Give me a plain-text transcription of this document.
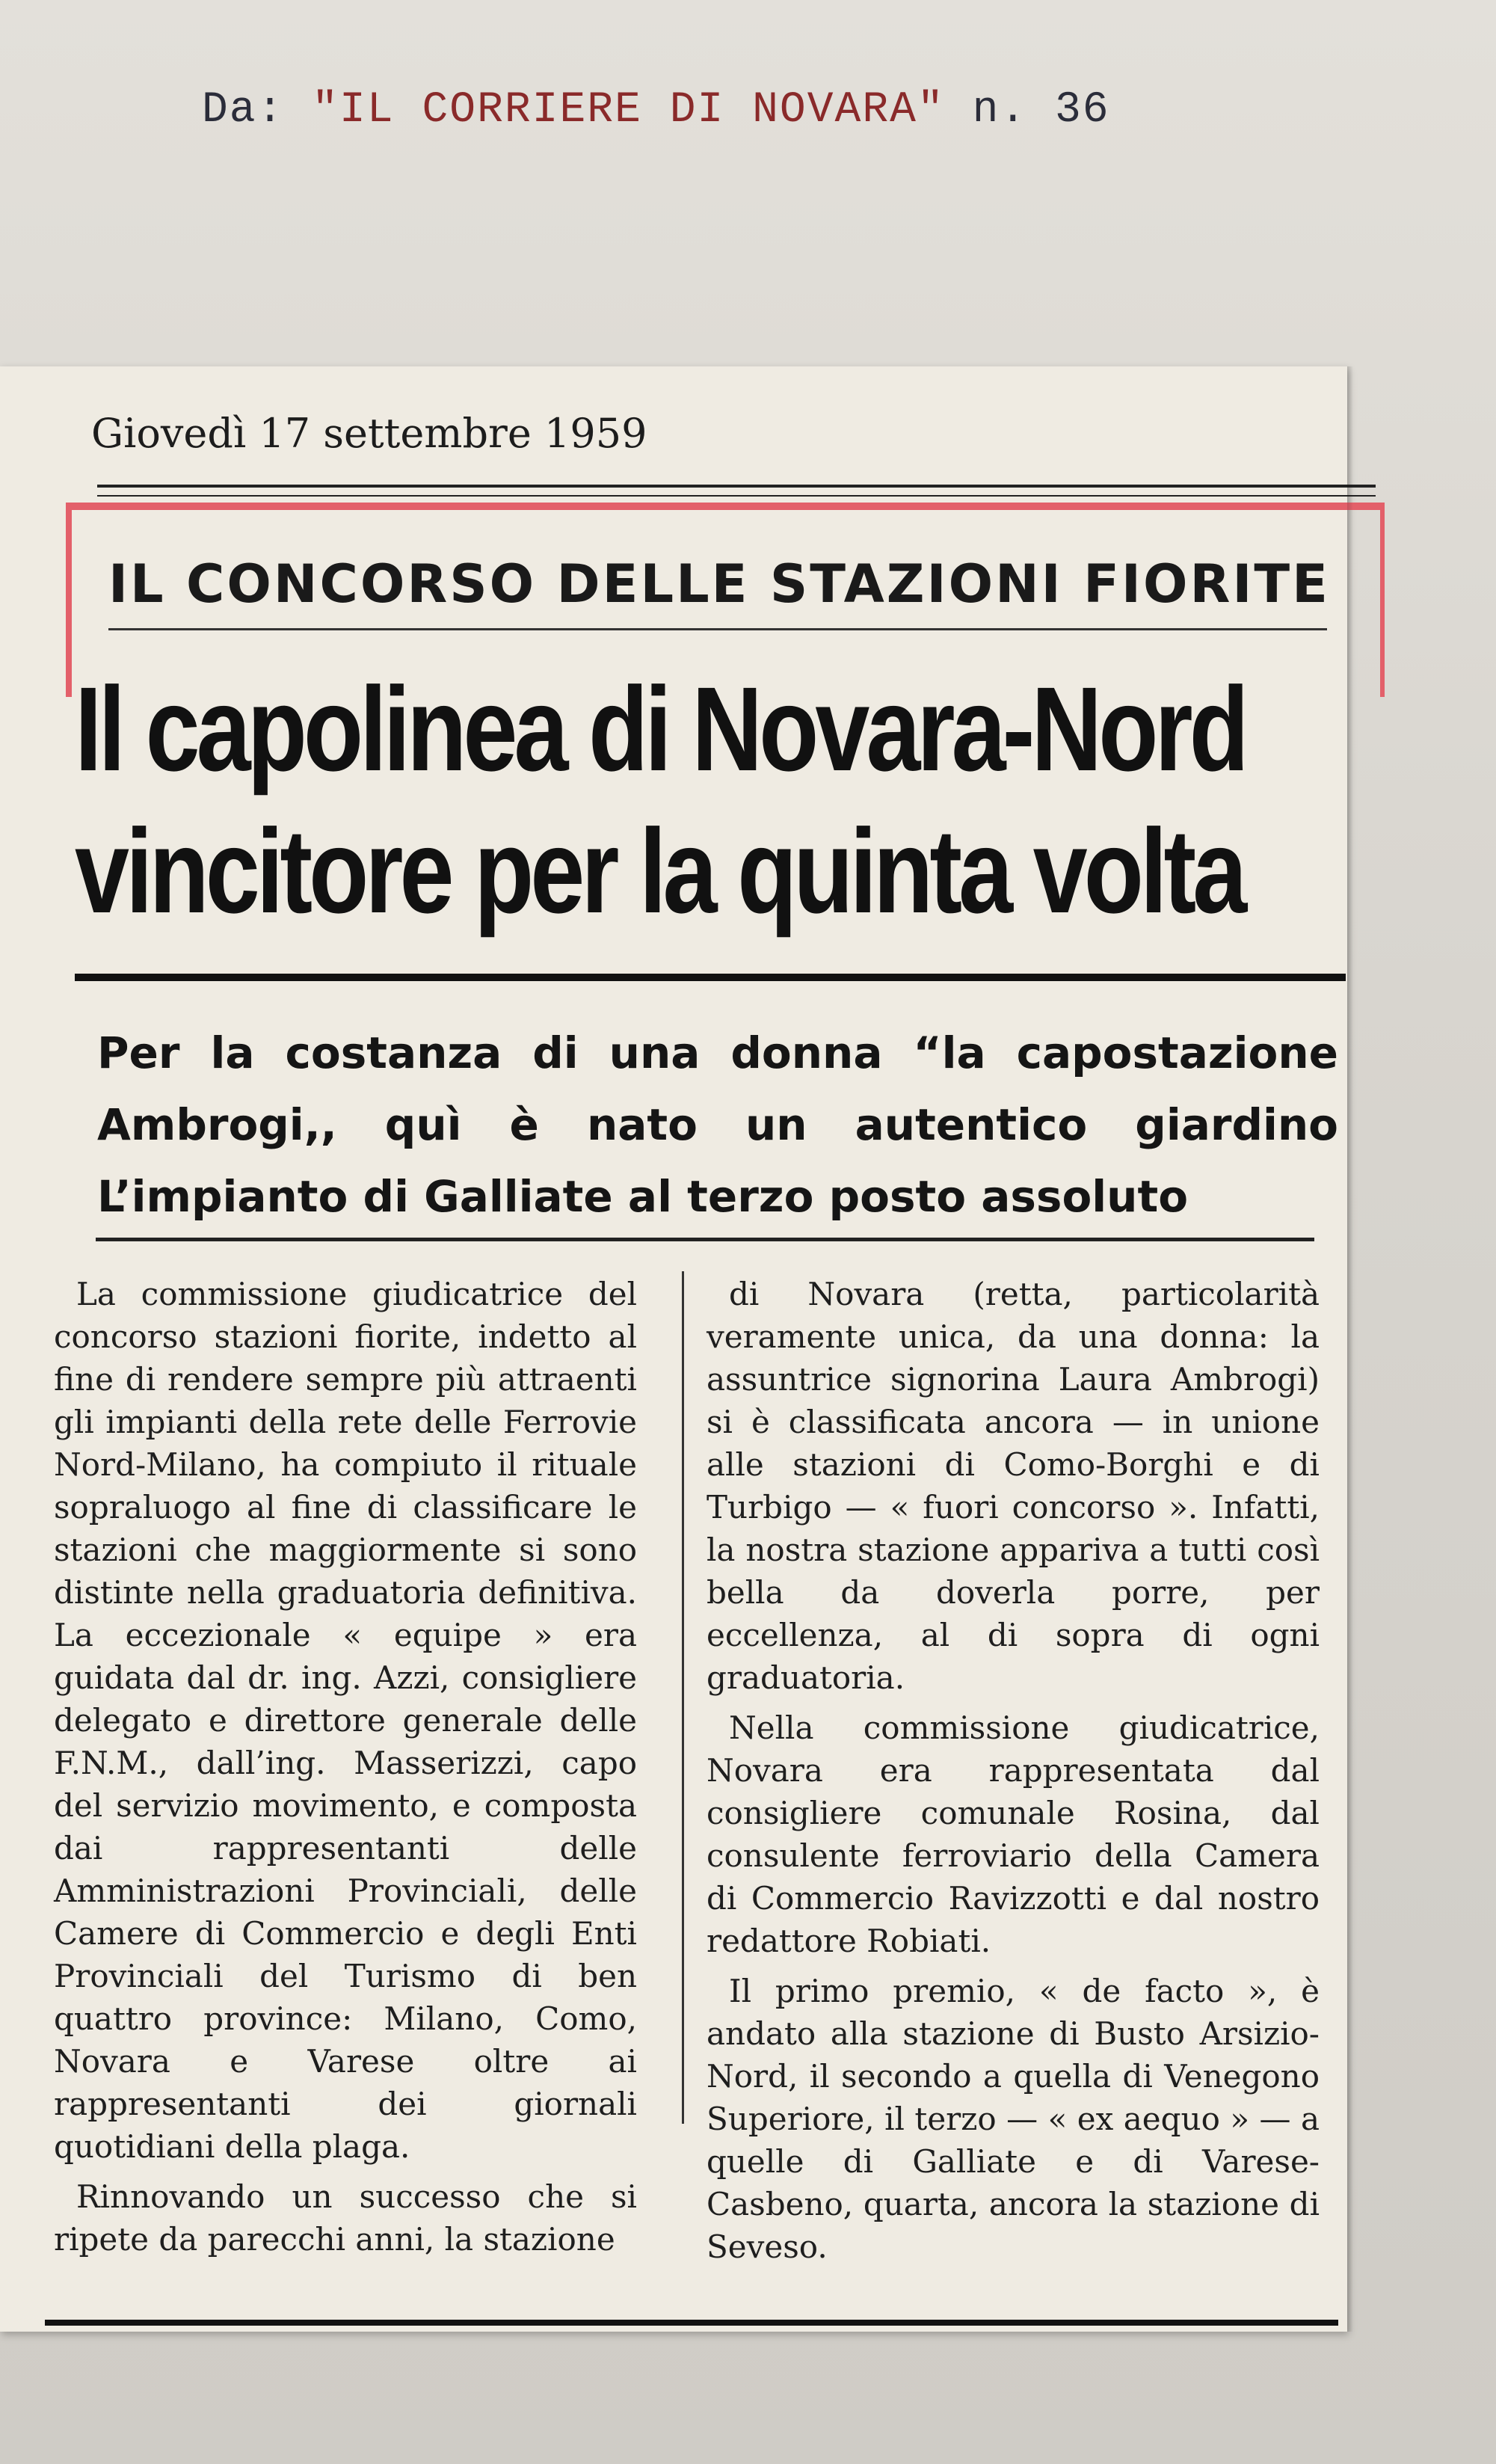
Da: "IL CORRIERE DI NOVARA" n. 36
Giovedì 17 settembre 1959
IL CONCORSO DELLE STAZIONI FIORITE
Il capolinea di Novara-Nord
vincitore per la quinta volta
Per la costanza di una donna “la capostazione Ambrogi,, quì è nato un autentico giardino L’impianto di Galliate al terzo posto assoluto

La commissione giudicatrice del concorso stazioni fiorite, indetto al fine di rendere sempre più attraenti gli impianti della rete delle Ferrovie Nord-Milano, ha compiuto il rituale sopraluogo al fine di classificare le stazioni che maggiormente si sono distinte nella graduatoria definitiva. La eccezionale « equipe » era guidata dal dr. ing. Azzi, consigliere delegato e direttore generale delle F.N.M., dall’ing. Masserizzi, capo del servizio movimento, e composta dai rappresentanti delle Amministrazioni Provinciali, delle Camere di Commercio e degli Enti Provinciali del Turismo di ben quattro province: Milano, Como, Novara e Varese oltre ai rappresentanti dei giornali quotidiani della plaga.

Rinnovando un successo che si ripete da parecchi anni, la stazione

di Novara (retta, particolarità veramente unica, da una donna: la assuntrice signorina Laura Ambrogi) si è classificata ancora — in unione alle stazioni di Como-Borghi e di Turbigo — « fuori concorso ». Infatti, la nostra stazione appariva a tutti così bella da doverla porre, per eccellenza, al di sopra di ogni graduatoria.

Nella commissione giudicatrice, Novara era rappresentata dal consigliere comunale Rosina, dal consulente ferroviario della Camera di Commercio Ravizzotti e dal nostro redattore Robiati.

Il primo premio, « de facto », è andato alla stazione di Busto Arsizio-Nord, il secondo a quella di Venegono Superiore, il terzo — « ex aequo » — a quelle di Galliate e di Varese-Casbeno, quarta, ancora la stazione di Seveso.
